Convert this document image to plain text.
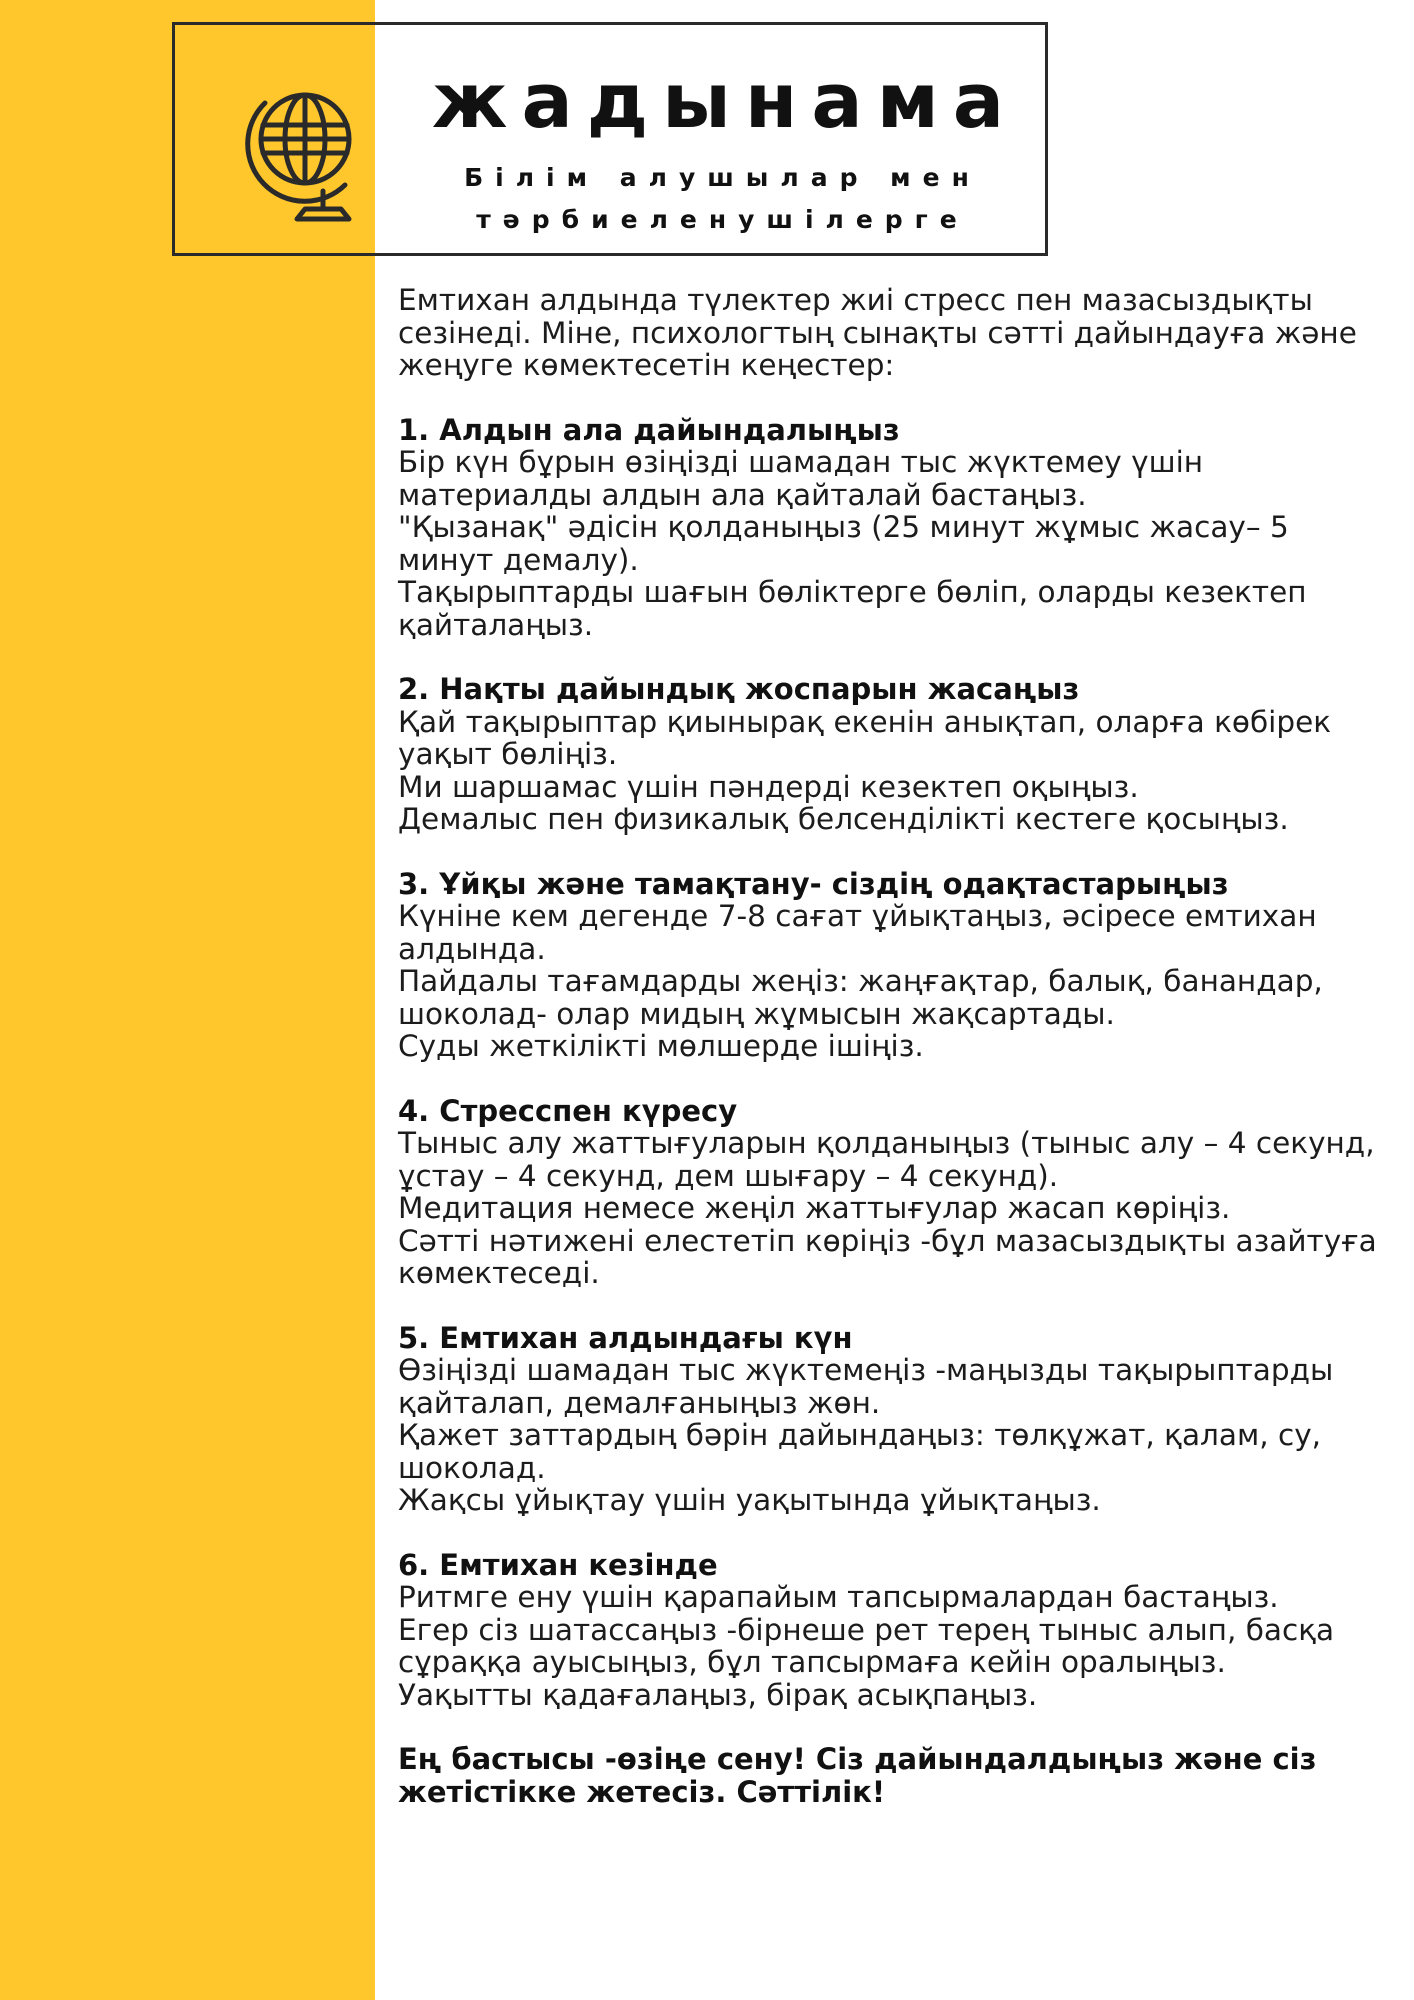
жадынама
Білім алушылар мен
тәрбиеленушілерге

Емтихан алдында түлектер жиі стресс пен мазасыздықты сезінеді. Міне, психологтың сынақты сәтті дайындауға және жеңуге көмектесетін кеңестер:

1. Алдын ала дайындалыңыз

Бір күн бұрын өзіңізді шамадан тыс жүктемеу үшін материалды алдын ала қайталай бастаңыз.

"Қызанақ" әдісін қолданыңыз (25 минут жұмыс жасау– 5 минут демалу).

Тақырыптарды шағын бөліктерге бөліп, оларды кезектеп қайталаңыз.

2. Нақты дайындық жоспарын жасаңыз

Қай тақырыптар қиынырақ екенін анықтап, оларға көбірек уақыт бөліңіз.

Ми шаршамас үшін пәндерді кезектеп оқыңыз.

Демалыс пен физикалық белсенділікті кестеге қосыңыз.

3. Ұйқы және тамақтану- сіздің одақтастарыңыз

Күніне кем дегенде 7-8 сағат ұйықтаңыз, әсіресе емтихан алдында.

Пайдалы тағамдарды жеңіз: жаңғақтар, балық, банандар, шоколад- олар мидың жұмысын жақсартады.

Суды жеткілікті мөлшерде ішіңіз.

4. Стресспен күресу

Тыныс алу жаттығуларын қолданыңыз (тыныс алу – 4 секунд, ұстау – 4 секунд, дем шығару – 4 секунд).

Медитация немесе жеңіл жаттығулар жасап көріңіз.

Сәтті нәтижені елестетіп көріңіз -бұл мазасыздықты азайтуға көмектеседі.

5. Емтихан алдындағы күн

Өзіңізді шамадан тыс жүктемеңіз -маңызды тақырыптарды қайталап, демалғаныңыз жөн.

Қажет заттардың бәрін дайындаңыз: төлқұжат, қалам, су, шоколад.

Жақсы ұйықтау үшін уақытында ұйықтаңыз.

6. Емтихан кезінде

Ритмге ену үшін қарапайым тапсырмалардан бастаңыз.

Егер сіз шатассаңыз -бірнеше рет терең тыныс алып, басқа сұраққа ауысыңыз, бұл тапсырмаға кейін оралыңыз.

Уақытты қадағалаңыз, бірақ асықпаңыз.

Ең бастысы -өзіңе сену! Сіз дайындалдыңыз және сіз жетістікке жетесіз. Сәттілік!
